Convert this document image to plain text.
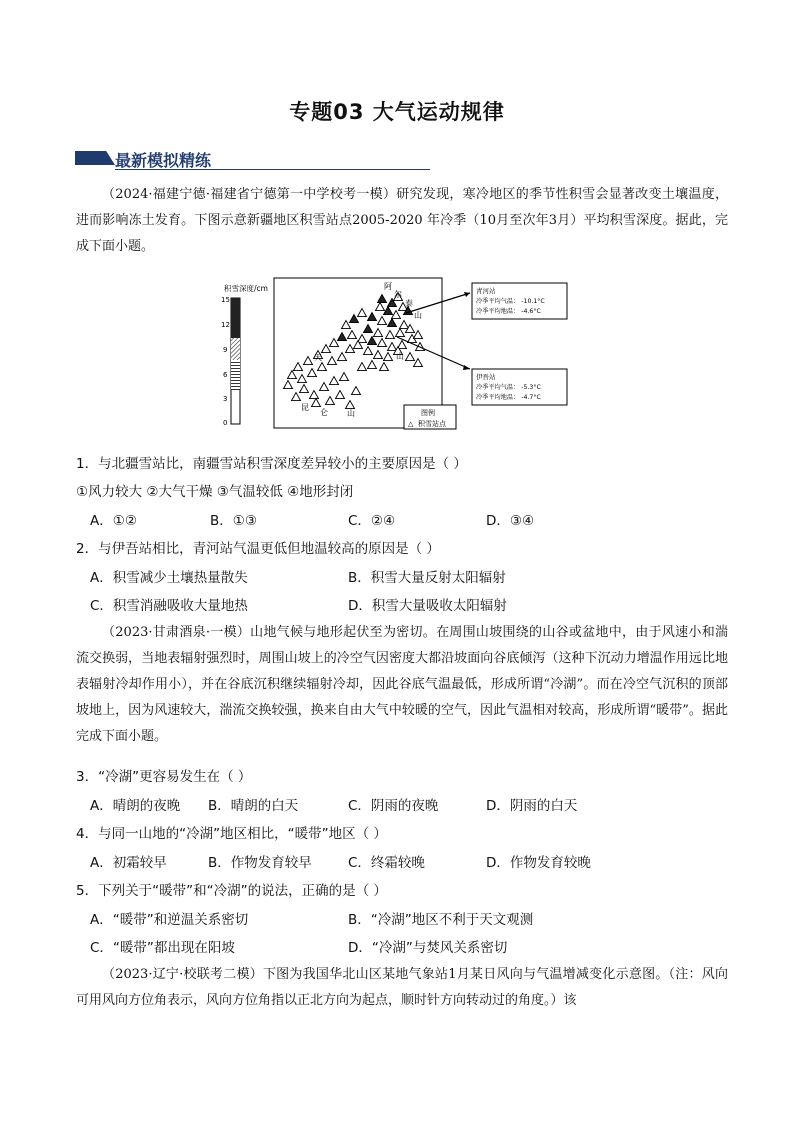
专题03 大气运动规律
最新模拟精练
（2024·福建宁德·福建省宁德第一中学校考一模）研究发现，寒冷地区的季节性积雪会显著改变土壤温度，进而影响冻土发育。下图示意新疆地区积雪站点2005-2020 年冷季（10月至次年3月）平均积雪深度。据此，完成下面小题。
积雪深度/cm
15
12
9
6
3
0
阿
尔
泰
山
天	山
昆
仑 山
青河站
冷季平均气温： -10.1°C
冷季平均地温： -4.6°C
伊吾站
冷季平均气温： -5.3°C
冷季平均地温： -4.7°C
图例
△ 积雪站点
1．与北疆雪站比，南疆雪站积雪深度差异较小的主要原因是（ ）
①风力较大 ②大气干燥 ③气温较低 ④地形封闭
A．①②	B．①③	C．②④	D．③④
2．与伊吾站相比，青河站气温更低但地温较高的原因是（ ）
A．积雪减少土壤热量散失	B．积雪大量反射太阳辐射
C．积雪消融吸收大量地热	D．积雪大量吸收太阳辐射
（2023·甘肃酒泉·一模）山地气候与地形起伏至为密切。在周围山坡围绕的山谷或盆地中，由于风速小和湍流交换弱，当地表辐射强烈时，周围山坡上的冷空气因密度大都沿坡面向谷底倾泻（这种下沉动力增温作用远比地表辐射冷却作用小），并在谷底沉积继续辐射冷却，因此谷底气温最低，形成所谓“冷湖”。而在冷空气沉积的顶部坡地上，因为风速较大，湍流交换较强，换来自由大气中较暖的空气，因此气温相对较高，形成所谓“暖带”。据此完成下面小题。
3．“冷湖”更容易发生在（ ）
A．晴朗的夜晚 B．晴朗的白天	C．阴雨的夜晚	D．阴雨的白天
4．与同一山地的“冷湖”地区相比，“暖带”地区（ ）
A．初霜较早	B．作物发育较早	C．终霜较晚	D．作物发育较晚
5．下列关于“暖带”和“冷湖”的说法，正确的是（ ）
A．“暖带”和逆温关系密切	B．“冷湖”地区不利于天文观测
C．“暖带”都出现在阳坡	D．“冷湖”与焚风关系密切
（2023·辽宁·校联考二模）下图为我国华北山区某地气象站1月某日风向与气温增减变化示意图。（注：风向可用风向方位角表示，风向方位角指以正北方向为起点，顺时针方向转动过的角度。）该
